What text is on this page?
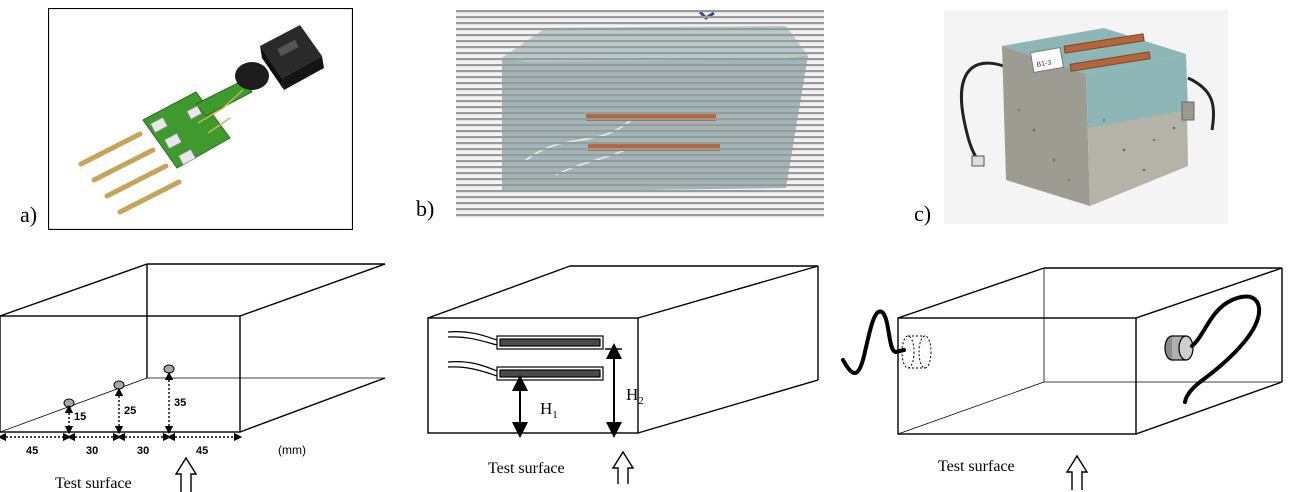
a)	b)	c)
B1-3
15	25
35
45	30	30	45	(mm)
Test surface
$H_1$
$H_2$
Test surface	Test surface
